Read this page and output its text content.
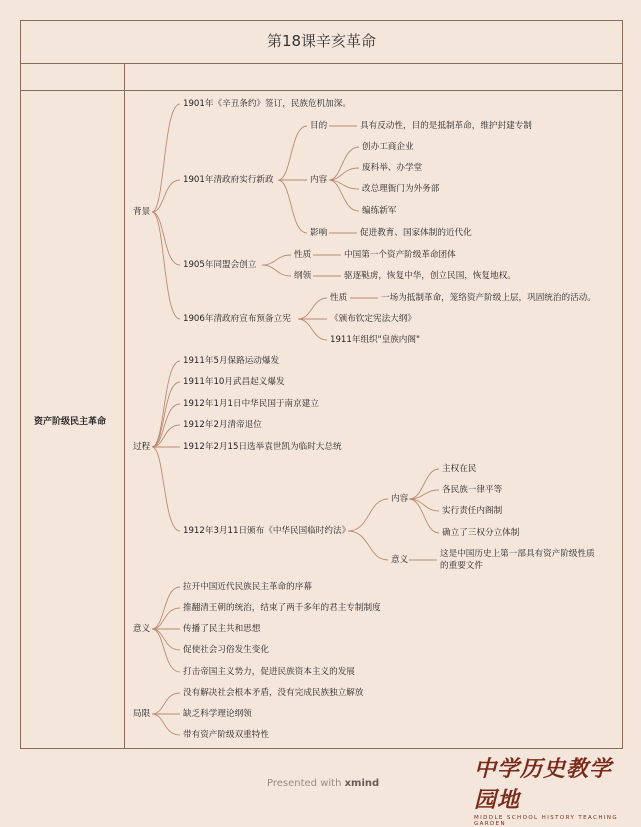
第18课辛亥革命
资产阶级民主革命
背景
1901年《辛丑条约》签订，民族危机加深。
1901年清政府实行新政
目的	具有反动性，目的是抵制革命，维护封建专制
内容
创办工商企业
废科举、办学堂
改总理衙门为外务部
编练新军
影响	促进教育、国家体制的近代化
1905年同盟会创立
性质	中国第一个资产阶级革命团体
纲领	驱逐鞑虏，恢复中华，创立民国，恢复地权。
1906年清政府宣布预备立宪
性质	一场为抵制革命，笼络资产阶级上层，巩固统治的活动。
《颁布钦定宪法大纲》
1911年组织"皇族内阁"
过程
1911年5月保路运动爆发
1911年10月武昌起义爆发
1912年1月1日中华民国于南京建立
1912年2月清帝退位
1912年2月15日选举袁世凯为临时大总统
1912年3月11日颁布《中华民国临时约法》
内容
主权在民
各民族一律平等
实行责任内阁制
确立了三权分立体制
意义
这是中国历史上第一部具有资产阶级性质
的重要文件
意义
拉开中国近代民族民主革命的序幕
推翻清王朝的统治，结束了两千多年的君主专制制度
传播了民主共和思想
促使社会习俗发生变化
打击帝国主义势力，促进民族资本主义的发展
局限
没有解决社会根本矛盾，没有完成民族独立解放
缺乏科学理论纲领
带有资产阶级双重特性
Presented with xmind
中学历史教学园地
MIDDLE SCHOOL HISTORY TEACHING GARDEN
